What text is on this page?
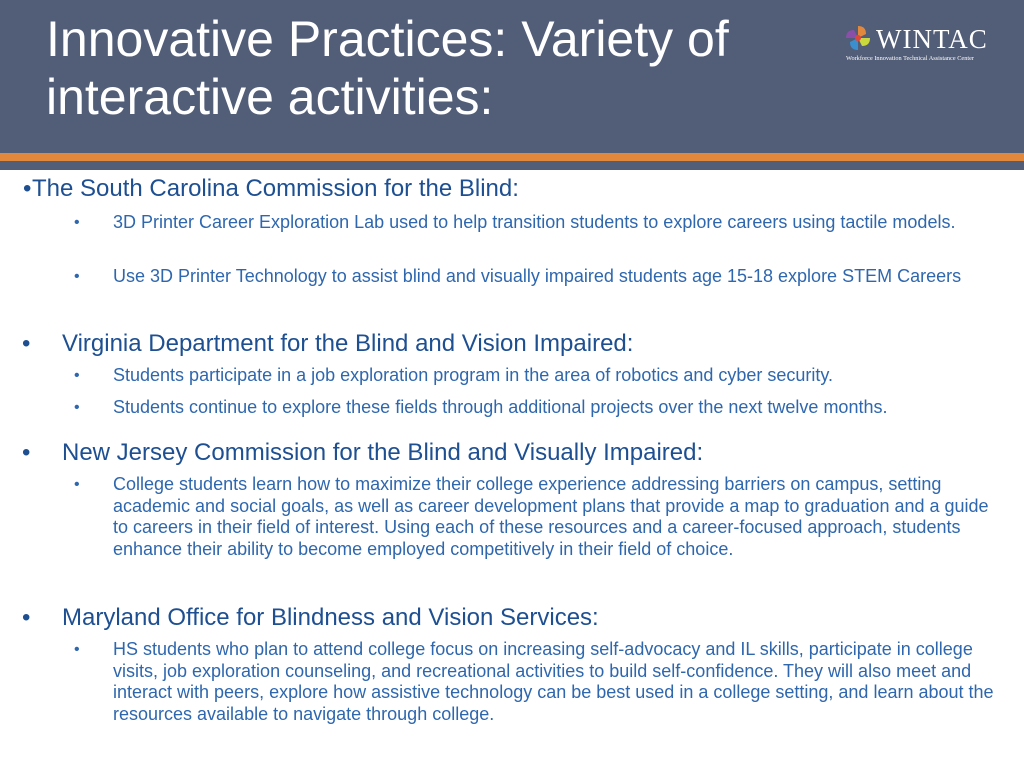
Innovative Practices: Variety of interactive activities:
WINTAC
Workforce Innovation Technical Assistance Center
• The South Carolina Commission for the Blind:
• 3D Printer Career Exploration Lab used to help transition students to explore careers using tactile models.
• Use 3D Printer Technology to assist blind and visually impaired students age 15-18 explore STEM Careers
• Virginia Department for the Blind and Vision Impaired:
• Students participate in a job exploration program in the area of robotics and cyber security.
• Students continue to explore these fields through additional projects over the next twelve months.
• New Jersey Commission for the Blind and Visually Impaired:
• College students learn how to maximize their college experience addressing barriers on campus, setting academic and social goals, as well as career development plans that provide a map to graduation and a guide to careers in their field of interest. Using each of these resources and a career-focused approach, students enhance their ability to become employed competitively in their field of choice.
• Maryland Office for Blindness and Vision Services:
• HS students who plan to attend college focus on increasing self-advocacy and IL skills, participate in college visits, job exploration counseling, and recreational activities to build self-confidence. They will also meet and interact with peers, explore how assistive technology can be best used in a college setting, and learn about the resources available to navigate through college.
